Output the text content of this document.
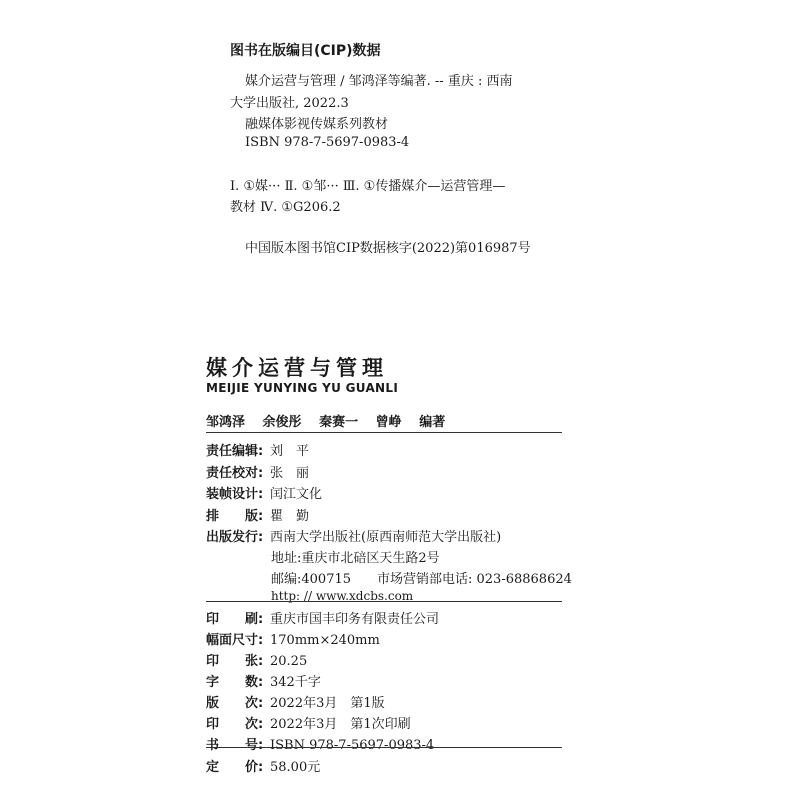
图书在版编目(CIP)数据
媒介运营与管理 / 邹鸿泽等编著. -- 重庆 : 西南
大学出版社, 2022.3
融媒体影视传媒系列教材
ISBN 978-7-5697-0983-4
Ⅰ. ①媒··· Ⅱ. ①邹··· Ⅲ. ①传播媒介—运营管理—
教材 Ⅳ. ①G206.2
中国版本图书馆CIP数据核字(2022)第016987号
媒介运营与管理
MEIJIE YUNYING YU GUANLI
邹鸿泽 余俊彤 秦赛一 曾峥 编著
责任编辑: 刘　平
责任校对: 张　丽
装帧设计: 闰江文化
排　　版: 瞿　勤
出版发行: 西南大学出版社(原西南师范大学出版社)
地址:重庆市北碚区天生路2号
邮编:400715　　市场营销部电话: 023-68868624
http: // www.xdcbs.com
印　　刷: 重庆市国丰印务有限责任公司
幅面尺寸: 170mm×240mm
印　　张: 20.25
字　　数: 342千字
版　　次: 2022年3月　第1版
印　　次: 2022年3月　第1次印刷
书　　号: ISBN 978-7-5697-0983-4
定　　价: 58.00元
